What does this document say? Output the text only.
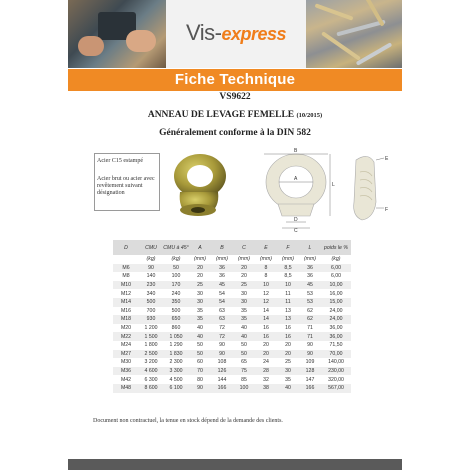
Vis-express
Fiche Technique
VS9622
ANNEAU DE LEVAGE FEMELLE (10/2015)
Généralement conforme à la DIN 582
Acier C15 estampé
Acier brut ou acier avec revêtement suivant désignation
B
A
L
D
C
E
F
D	CMU	CMU à 45°	A	B	C	E	F	L	poids le %
	(kg)	(kg)	(mm)	(mm)	(mm)	(mm)	(mm)	(mm)	(kg)
M6	90	50	20	36	20	8	8,5	36	6,00
M8	140	100	20	36	20	8	8,5	36	6,00
M10	230	170	25	45	25	10	10	45	10,00
M12	340	240	30	54	30	12	11	53	16,00
M14	500	350	30	54	30	12	11	53	15,00
M16	700	500	35	63	35	14	13	62	24,00
M18	930	650	35	63	35	14	13	62	24,00
M20	1 200	860	40	72	40	16	16	71	36,00
M22	1 500	1 050	40	72	40	16	16	71	36,00
M24	1 800	1 290	50	90	50	20	20	90	71,50
M27	2 500	1 830	50	90	50	20	20	90	70,00
M30	3 200	2 300	60	108	65	24	25	109	140,00
M36	4 600	3 300	70	126	75	28	30	128	230,00
M42	6 300	4 500	80	144	85	32	35	147	320,00
M48	8 600	6 100	90	166	100	38	40	166	567,00
Document non contractuel, la tenue en stock dépend de la demande des clients.
